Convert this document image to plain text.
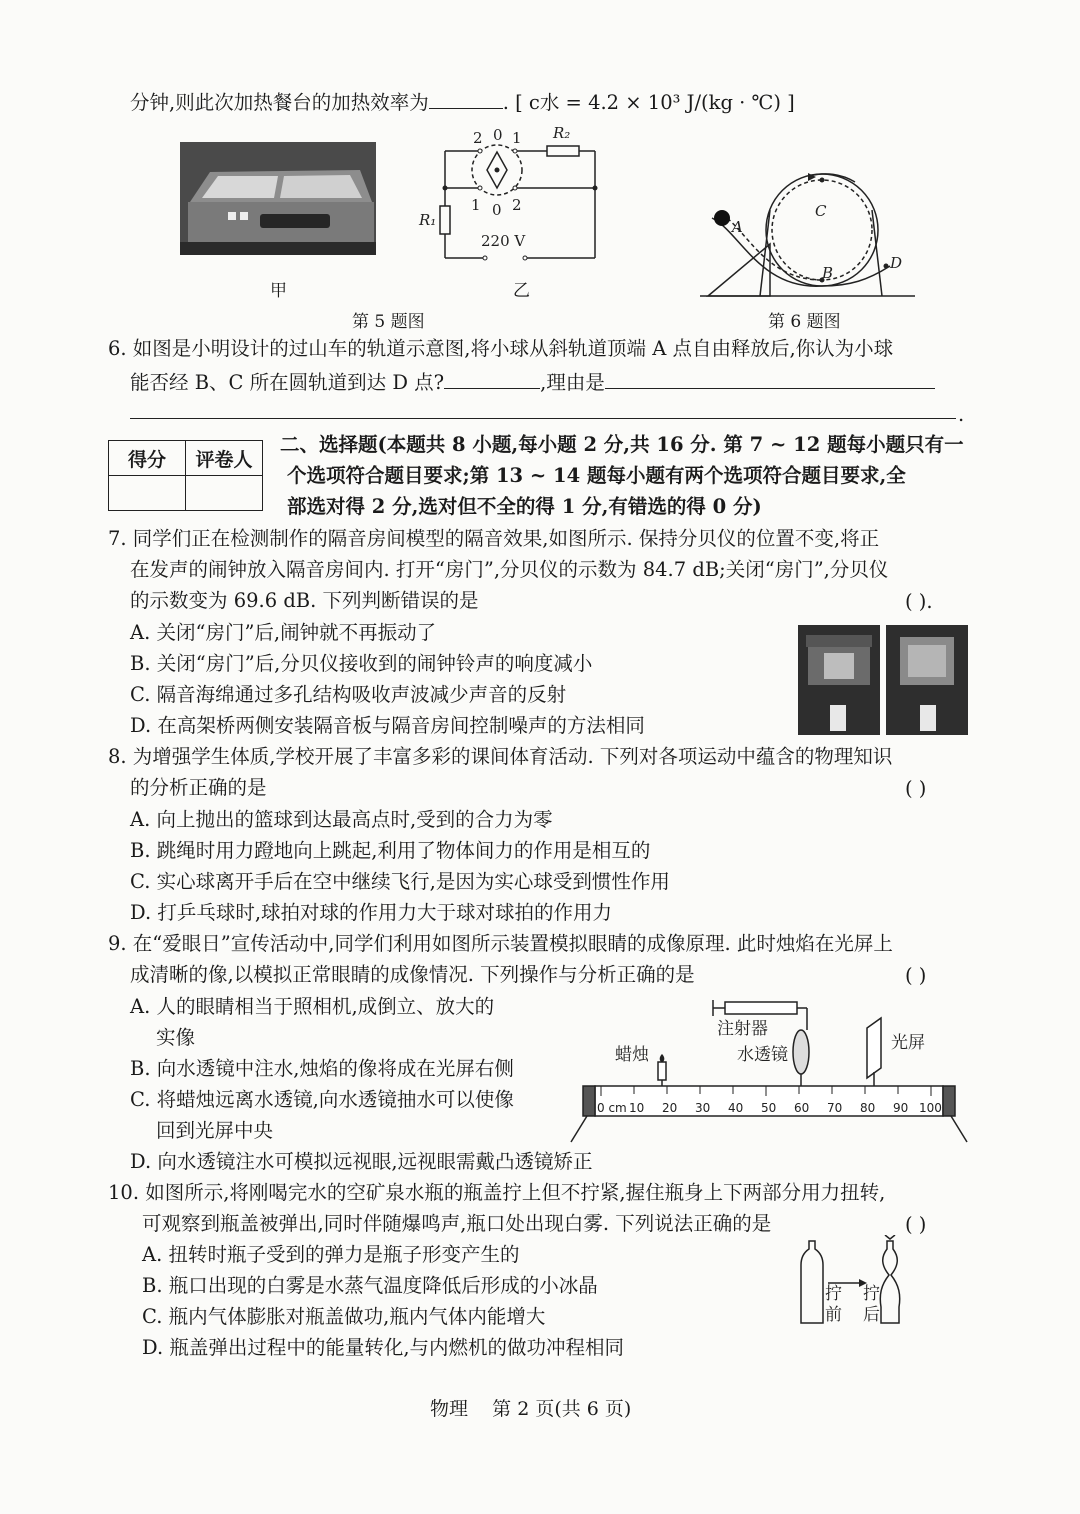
分钟,则此次加热餐台的加热效率为	. [ c水 = 4.2 × 10³ J/(kg · ℃) ]
甲
2 0 1
1 0 2
R₂
R₁
220 V
乙
第 5 题图
A
B
C
D
第 6 题图
6. 如图是小明设计的过山车的轨道示意图,将小球从斜轨道顶端 A 点自由释放后,你认为小球
能否经 B、C 所在圆轨道到达 D 点?	,理由是
.
得分	评卷人

二、选择题(本题共 8 小题,每小题 2 分,共 16 分. 第 7 ~ 12 题每小题只有一
个选项符合题目要求;第 13 ~ 14 题每小题有两个选项符合题目要求,全
部选对得 2 分,选对但不全的得 1 分,有错选的得 0 分)
7. 同学们正在检测制作的隔音房间模型的隔音效果,如图所示. 保持分贝仪的位置不变,将正
在发声的闹钟放入隔音房间内. 打开“房门”,分贝仪的示数为 84.7 dB;关闭“房门”,分贝仪
的示数变为 69.6 dB. 下列判断错误的是	( ).
A. 关闭“房门”后,闹钟就不再振动了
B. 关闭“房门”后,分贝仪接收到的闹钟铃声的响度减小
C. 隔音海绵通过多孔结构吸收声波减少声音的反射
D. 在高架桥两侧安装隔音板与隔音房间控制噪声的方法相同
8. 为增强学生体质,学校开展了丰富多彩的课间体育活动. 下列对各项运动中蕴含的物理知识
的分析正确的是	( )
A. 向上抛出的篮球到达最高点时,受到的合力为零
B. 跳绳时用力蹬地向上跳起,利用了物体间力的作用是相互的
C. 实心球离开手后在空中继续飞行,是因为实心球受到惯性作用
D. 打乒乓球时,球拍对球的作用力大于球对球拍的作用力
9. 在“爱眼日”宣传活动中,同学们利用如图所示装置模拟眼睛的成像原理. 此时烛焰在光屏上
成清晰的像,以模拟正常眼睛的成像情况. 下列操作与分析正确的是	( )
A. 人的眼睛相当于照相机,成倒立、放大的
实像
B. 向水透镜中注水,烛焰的像将成在光屏右侧
C. 将蜡烛远离水透镜,向水透镜抽水可以使像
回到光屏中央
D. 向水透镜注水可模拟远视眼,远视眼需戴凸透镜矫正
注射器
蜡烛	水透镜
光屏
0 cm 10 20 30 40 50 60 70 80 90 100
10. 如图所示,将刚喝完水的空矿泉水瓶的瓶盖拧上但不拧紧,握住瓶身上下两部分用力扭转,
可观察到瓶盖被弹出,同时伴随爆鸣声,瓶口处出现白雾. 下列说法正确的是	( )
A. 扭转时瓶子受到的弹力是瓶子形变产生的
B. 瓶口出现的白雾是水蒸气温度降低后形成的小冰晶
C. 瓶内气体膨胀对瓶盖做功,瓶内气体内能增大
D. 瓶盖弹出过程中的能量转化,与内燃机的做功冲程相同
拧
前
拧
后
物理    第 2 页(共 6 页)
